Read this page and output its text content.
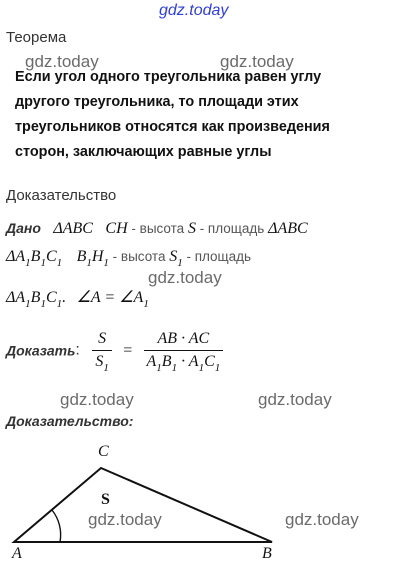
gdz.today
Теорема
gdz.today	gdz.today
Если угол одного треугольника равен углу
другого треугольника, то площади этих
треугольников относятся как произведения
сторон, заключающих равные углы
Доказательство
Дано ΔABC CH - высота S - площадь ΔABC
$\Delta A_1B_1C_1$ $B_1H_1$ - высота $S_1$ - площадь
gdz.today
$\Delta A_1B_1C_1$. ∠A = $\angle A_1$
Доказать: $\frac{S}{S_1} = \frac{AB \cdot AC}{A_1B_1 \cdot A_1C_1}$
gdz.today	gdz.today
Доказательство:
C
S
A	B
gdz.today	gdz.today
